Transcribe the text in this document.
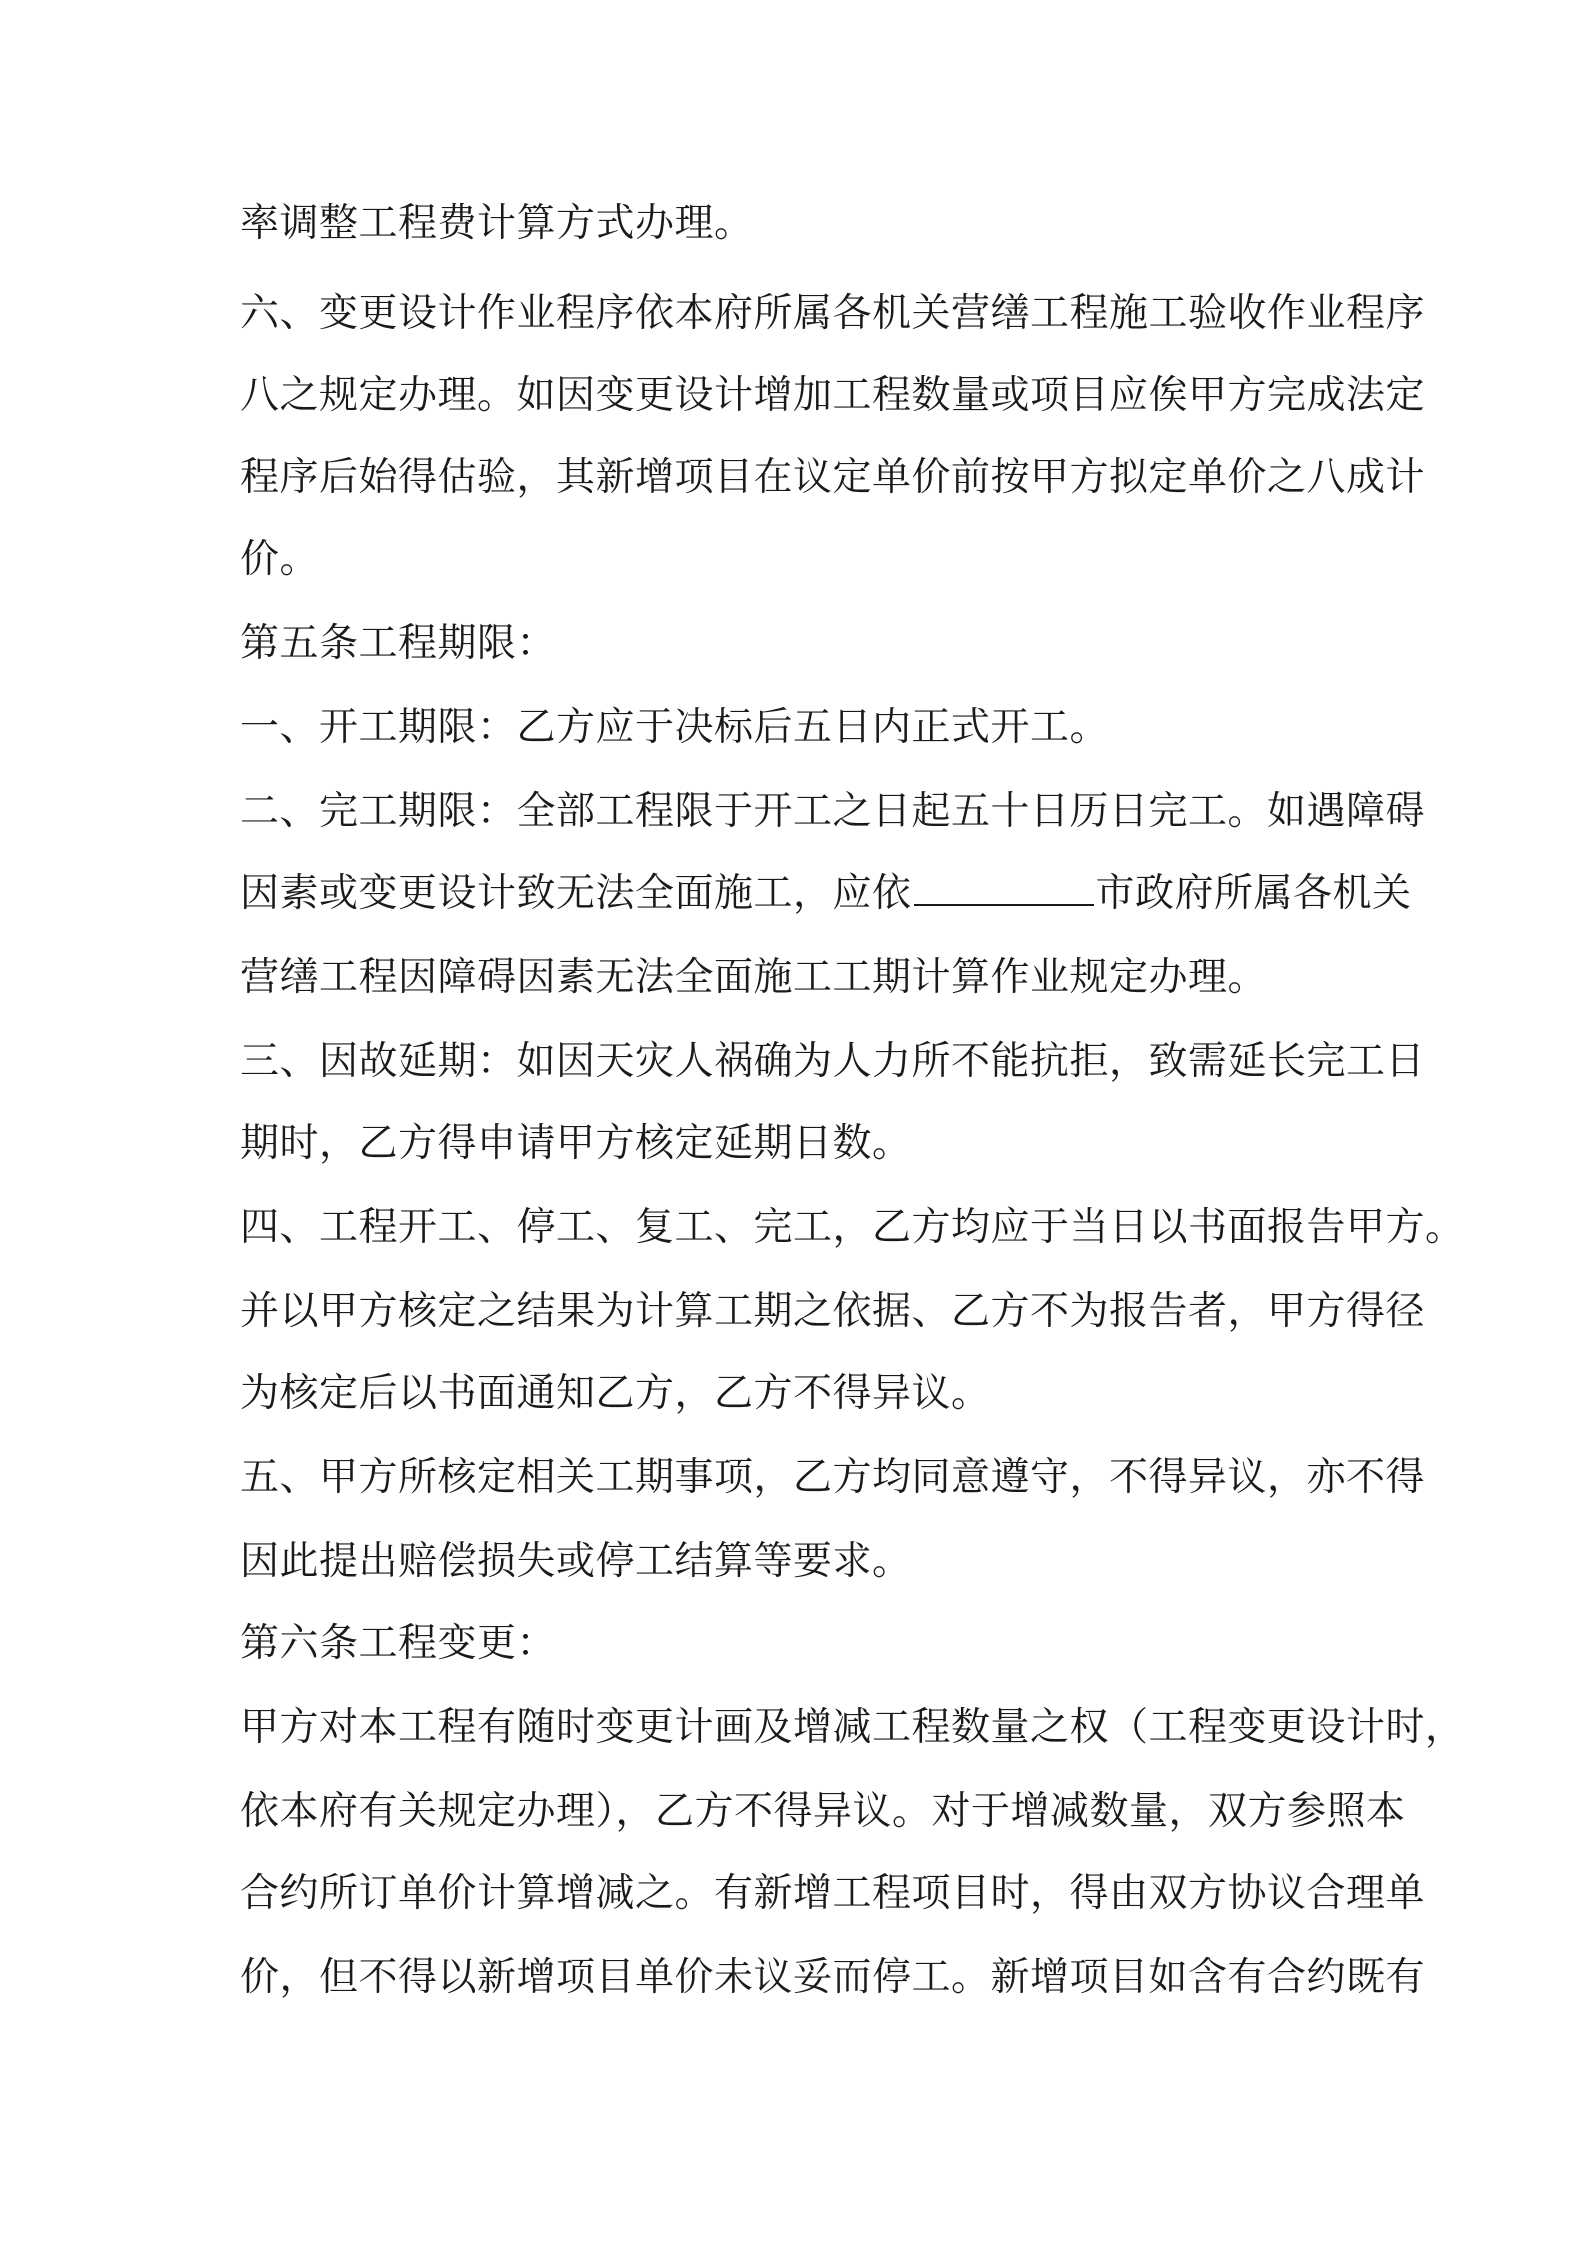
率调整工程费计算方式办理。
六、变更设计作业程序依本府所属各机关营缮工程施工验收作业程序
八之规定办理。如因变更设计增加工程数量或项目应俟甲方完成法定
程序后始得估验，其新增项目在议定单价前按甲方拟定单价之八成计
价。
第五条工程期限：
一、开工期限：乙方应于决标后五日内正式开工。
二、完工期限：全部工程限于开工之日起五十日历日完工。如遇障碍
因素或变更设计致无法全面施工，应依	市政府所属各机关
营缮工程因障碍因素无法全面施工工期计算作业规定办理。
三、因故延期：如因天灾人祸确为人力所不能抗拒，致需延长完工日
期时，乙方得申请甲方核定延期日数。
四、工程开工、停工、复工、完工，乙方均应于当日以书面报告甲方。
并以甲方核定之结果为计算工期之依据、乙方不为报告者，甲方得径
为核定后以书面通知乙方，乙方不得异议。
五、甲方所核定相关工期事项，乙方均同意遵守，不得异议，亦不得
因此提出赔偿损失或停工结算等要求。
第六条工程变更：
甲方对本工程有随时变更计画及增减工程数量之权（工程变更设计时，
依本府有关规定办理），乙方不得异议。对于增减数量，双方参照本
合约所订单价计算增减之。有新增工程项目时，得由双方协议合理单
价，但不得以新增项目单价未议妥而停工。新增项目如含有合约既有
